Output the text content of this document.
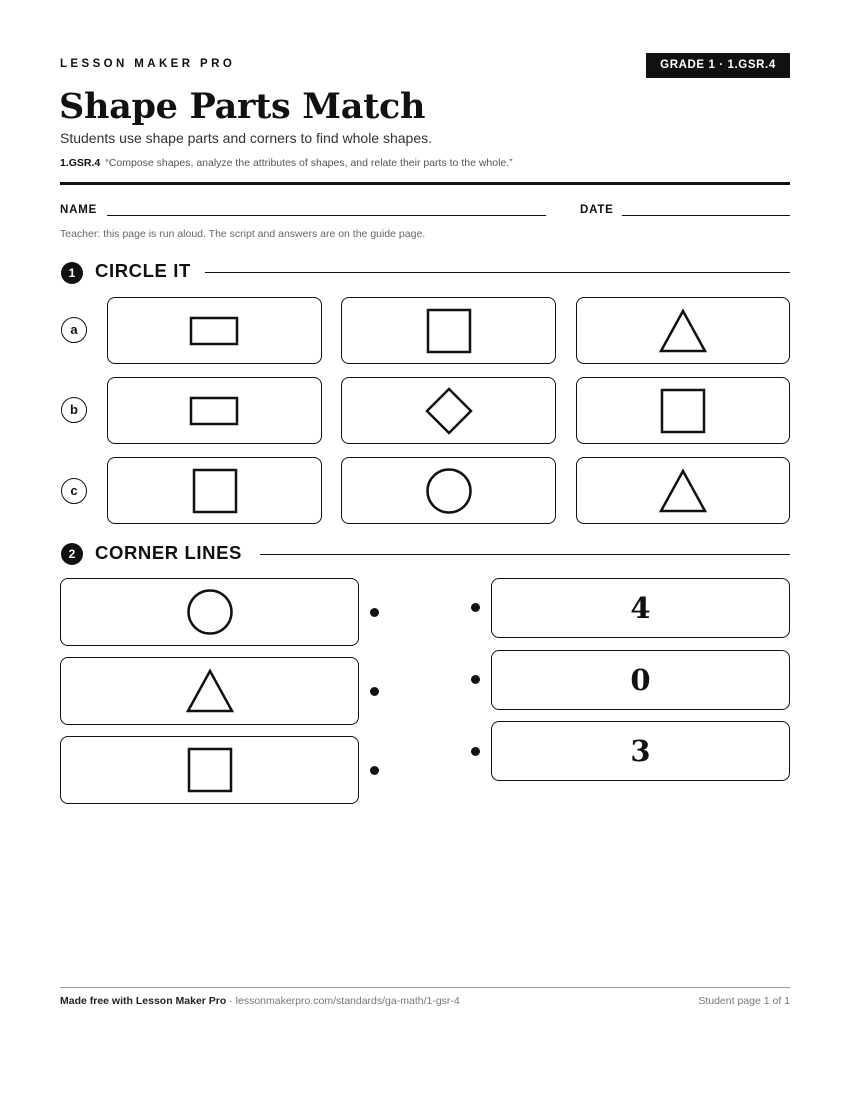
LESSON MAKER PRO	GRADE 1 · 1.GSR.4
Shape Parts Match
Students use shape parts and corners to find whole shapes.
1.GSR.4 “Compose shapes, analyze the attributes of shapes, and relate their parts to the whole.”
NAME	DATE
Teacher: this page is run aloud. The script and answers are on the guide page.
1	CIRCLE IT
a
b
c
2	CORNER LINES
4
0
3
Made free with Lesson Maker Pro · lessonmakerpro.com/standards/ga-math/1-gsr-4	Student page 1 of 1
